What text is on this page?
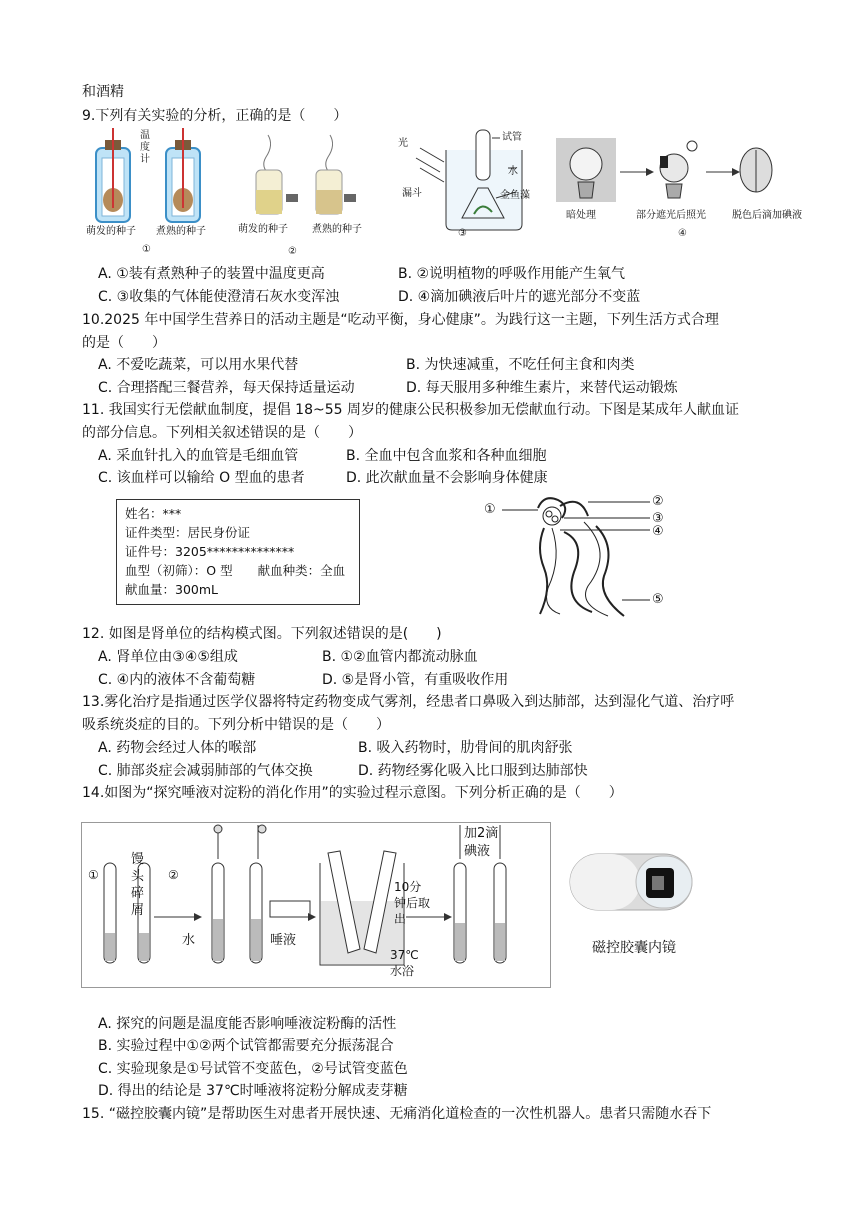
和酒精
9.下列有关实验的分析，正确的是（　　）
温度计
萌发的种子 煮熟的种子
①
萌发的种子 煮熟的种子
②
光
漏斗
试管
水
金鱼藻
③
暗处理	部分遮光后照光	脱色后滴加碘液
④
A. ①装有煮熟种子的装置中温度更高	B. ②说明植物的呼吸作用能产生氧气
C. ③收集的气体能使澄清石灰水变浑浊	D. ④滴加碘液后叶片的遮光部分不变蓝
10.2025 年中国学生营养日的活动主题是“吃动平衡，身心健康”。为践行这一主题，下列生活方式合理
的是（　　）
A. 不爱吃蔬菜，可以用水果代替	B. 为快速减重，不吃任何主食和肉类
C. 合理搭配三餐营养，每天保持适量运动	D. 每天服用多种维生素片，来替代运动锻炼
11. 我国实行无偿献血制度，提倡 18~55 周岁的健康公民积极参加无偿献血行动。下图是某成年人献血证
的部分信息。下列相关叙述错误的是（　　）
A. 采血针扎入的血管是毛细血管	B. 全血中包含血浆和各种血细胞
C. 该血样可以输给 O 型血的患者	D. 此次献血量不会影响身体健康
姓名：***
证件类型：居民身份证
证件号：3205**************
血型（初筛）：O 型　　献血种类：全血
献血量：300mL
①
②
③
④
⑤
12. 如图是肾单位的结构模式图。下列叙述错误的是(　　)
A. 肾单位由③④⑤组成	B. ①②血管内都流动脉血
C. ④内的液体不含葡萄糖	D. ⑤是肾小管，有重吸收作用
13.雾化治疗是指通过医学仪器将特定药物变成气雾剂，经患者口鼻吸入到达肺部，达到湿化气道、治疗呼
吸系统炎症的目的。下列分析中错误的是（　　）
A. 药物会经过人体的喉部	B. 吸入药物时，肋骨间的肌肉舒张
C. 肺部炎症会减弱肺部的气体交换	D. 药物经雾化吸入比口服到达肺部快
14.如图为“探究唾液对淀粉的消化作用”的实验过程示意图。下列分析正确的是（　　）
①	②
馒头碎屑
水	唾液
10分钟后取出
37℃
水浴
加2滴碘液
磁控胶囊内镜
A. 探究的问题是温度能否影响唾液淀粉酶的活性
B. 实验过程中①②两个试管都需要充分振荡混合
C. 实验现象是①号试管不变蓝色，②号试管变蓝色
D. 得出的结论是 37℃时唾液将淀粉分解成麦芽糖
15. “磁控胶囊内镜”是帮助医生对患者开展快速、无痛消化道检查的一次性机器人。患者只需随水吞下
